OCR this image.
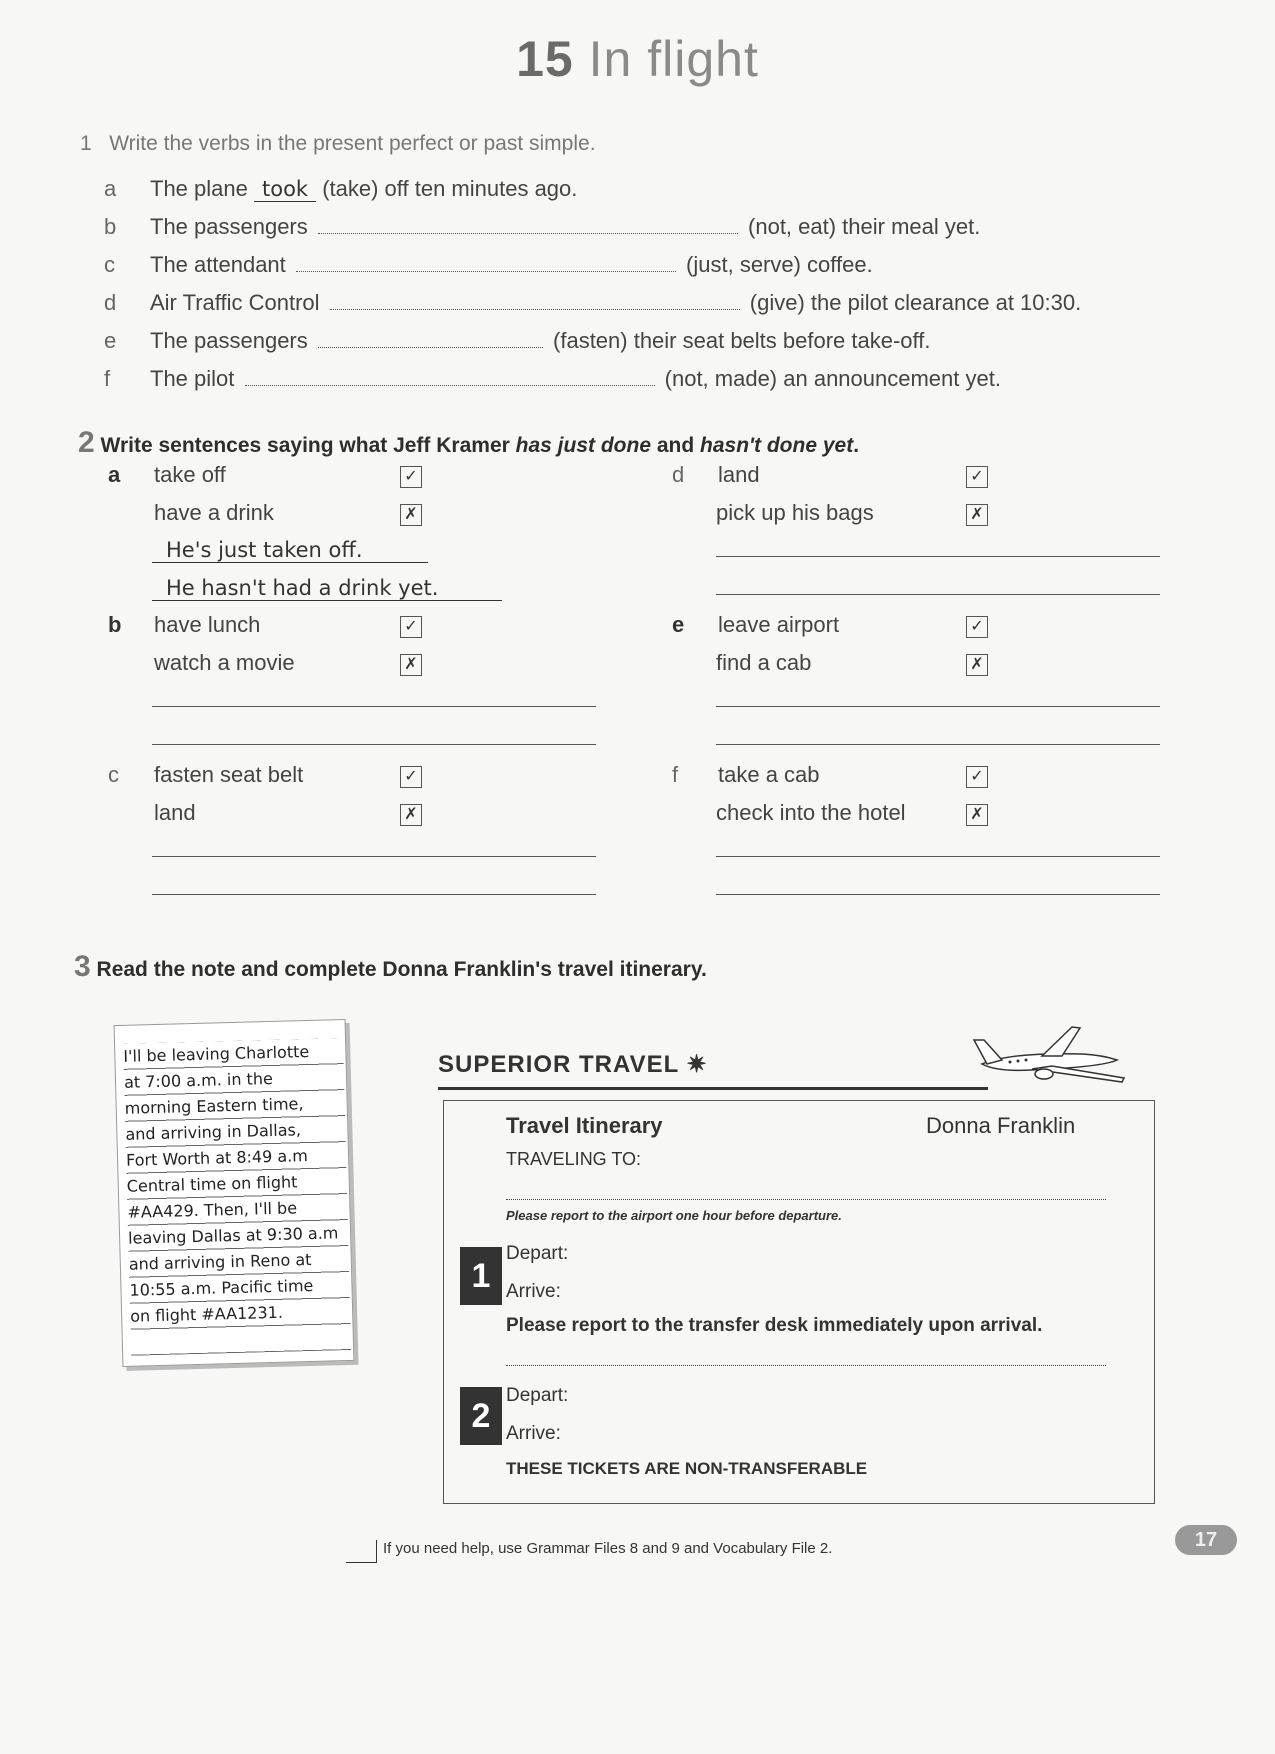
15 In flight
1 Write the verbs in the present perfect or past simple.
a The plane took (take) off ten minutes ago.
b The passengers	(not, eat) their meal yet.
c The attendant	(just, serve) coffee.
d Air Traffic Control	(give) the pilot clearance at 10:30.
e The passengers	(fasten) their seat belts before take-off.
f The pilot	(not, made) an announcement yet.
2 Write sentences saying what Jeff Kramer has just done and hasn't done yet.
a take off	✓
have a drink	✗
He's just taken off.
He hasn't had a drink yet.
b have lunch	✓
watch a movie	✗
c fasten seat belt	✓
land	✗
d land	✓
pick up his bags	✗
e leave airport	✓
find a cab	✗
f take a cab	✓
check into the hotel	✗
3 Read the note and complete Donna Franklin's travel itinerary.
I'll be leaving Charlotte
at 7:00 a.m. in the
morning Eastern time,
and arriving in Dallas,
Fort Worth at 8:49 a.m
Central time on flight
#AA429. Then, I'll be
leaving Dallas at 9:30 a.m
and arriving in Reno at
10:55 a.m. Pacific time
on flight #AA1231.

SUPERIOR TRAVEL ✷
Travel Itinerary	Donna Franklin
TRAVELING TO:
Please report to the airport one hour before departure.
1
Depart:
Arrive:
Please report to the transfer desk immediately upon arrival.
2
Depart:
Arrive:
THESE TICKETS ARE NON-TRANSFERABLE
If you need help, use Grammar Files 8 and 9 and Vocabulary File 2.	17
